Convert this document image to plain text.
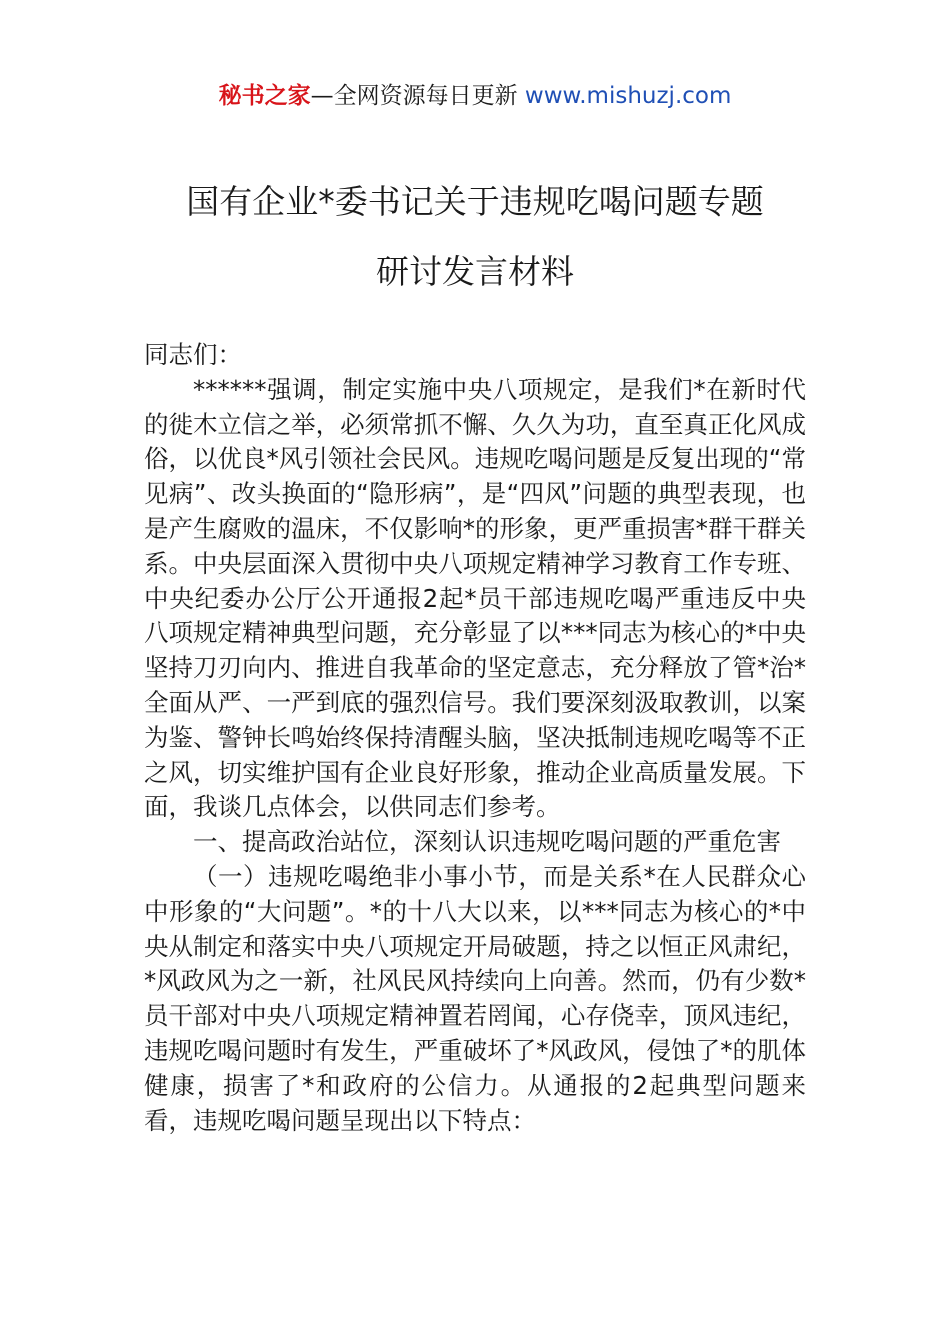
秘书之家—全网资源每日更新 www.mishuzj.com
国有企业*委书记关于违规吃喝问题专题
研讨发言材料

同志们：

******强调，制定实施中央八项规定，是我们*在新时代的徙木立信之举，必须常抓不懈、久久为功，直至真正化风成俗，以优良*风引领社会民风。违规吃喝问题是反复出现的“常见病”、改头换面的“隐形病”，是“四风”问题的典型表现，也是产生腐败的温床，不仅影响*的形象，更严重损害*群干群关系。中央层面深入贯彻中央八项规定精神学习教育工作专班、中央纪委办公厅公开通报2起*员干部违规吃喝严重违反中央八项规定精神典型问题，充分彰显了以***同志为核心的*中央坚持刀刃向内、推进自我革命的坚定意志，充分释放了管*治*全面从严、一严到底的强烈信号。我们要深刻汲取教训，以案为鉴、警钟长鸣始终保持清醒头脑，坚决抵制违规吃喝等不正之风，切实维护国有企业良好形象，推动企业高质量发展。下面，我谈几点体会，以供同志们参考。

一、提高政治站位，深刻认识违规吃喝问题的严重危害

（一）违规吃喝绝非小事小节，而是关系*在人民群众心中形象的“大问题”。*的十八大以来，以***同志为核心的*中央从制定和落实中央八项规定开局破题，持之以恒正风肃纪，*风政风为之一新，社风民风持续向上向善。然而，仍有少数*员干部对中央八项规定精神置若罔闻，心存侥幸，顶风违纪，违规吃喝问题时有发生，严重破坏了*风政风，侵蚀了*的肌体健康，损害了*和政府的公信力。从通报的2起典型问题来看，违规吃喝问题呈现出以下特点：
